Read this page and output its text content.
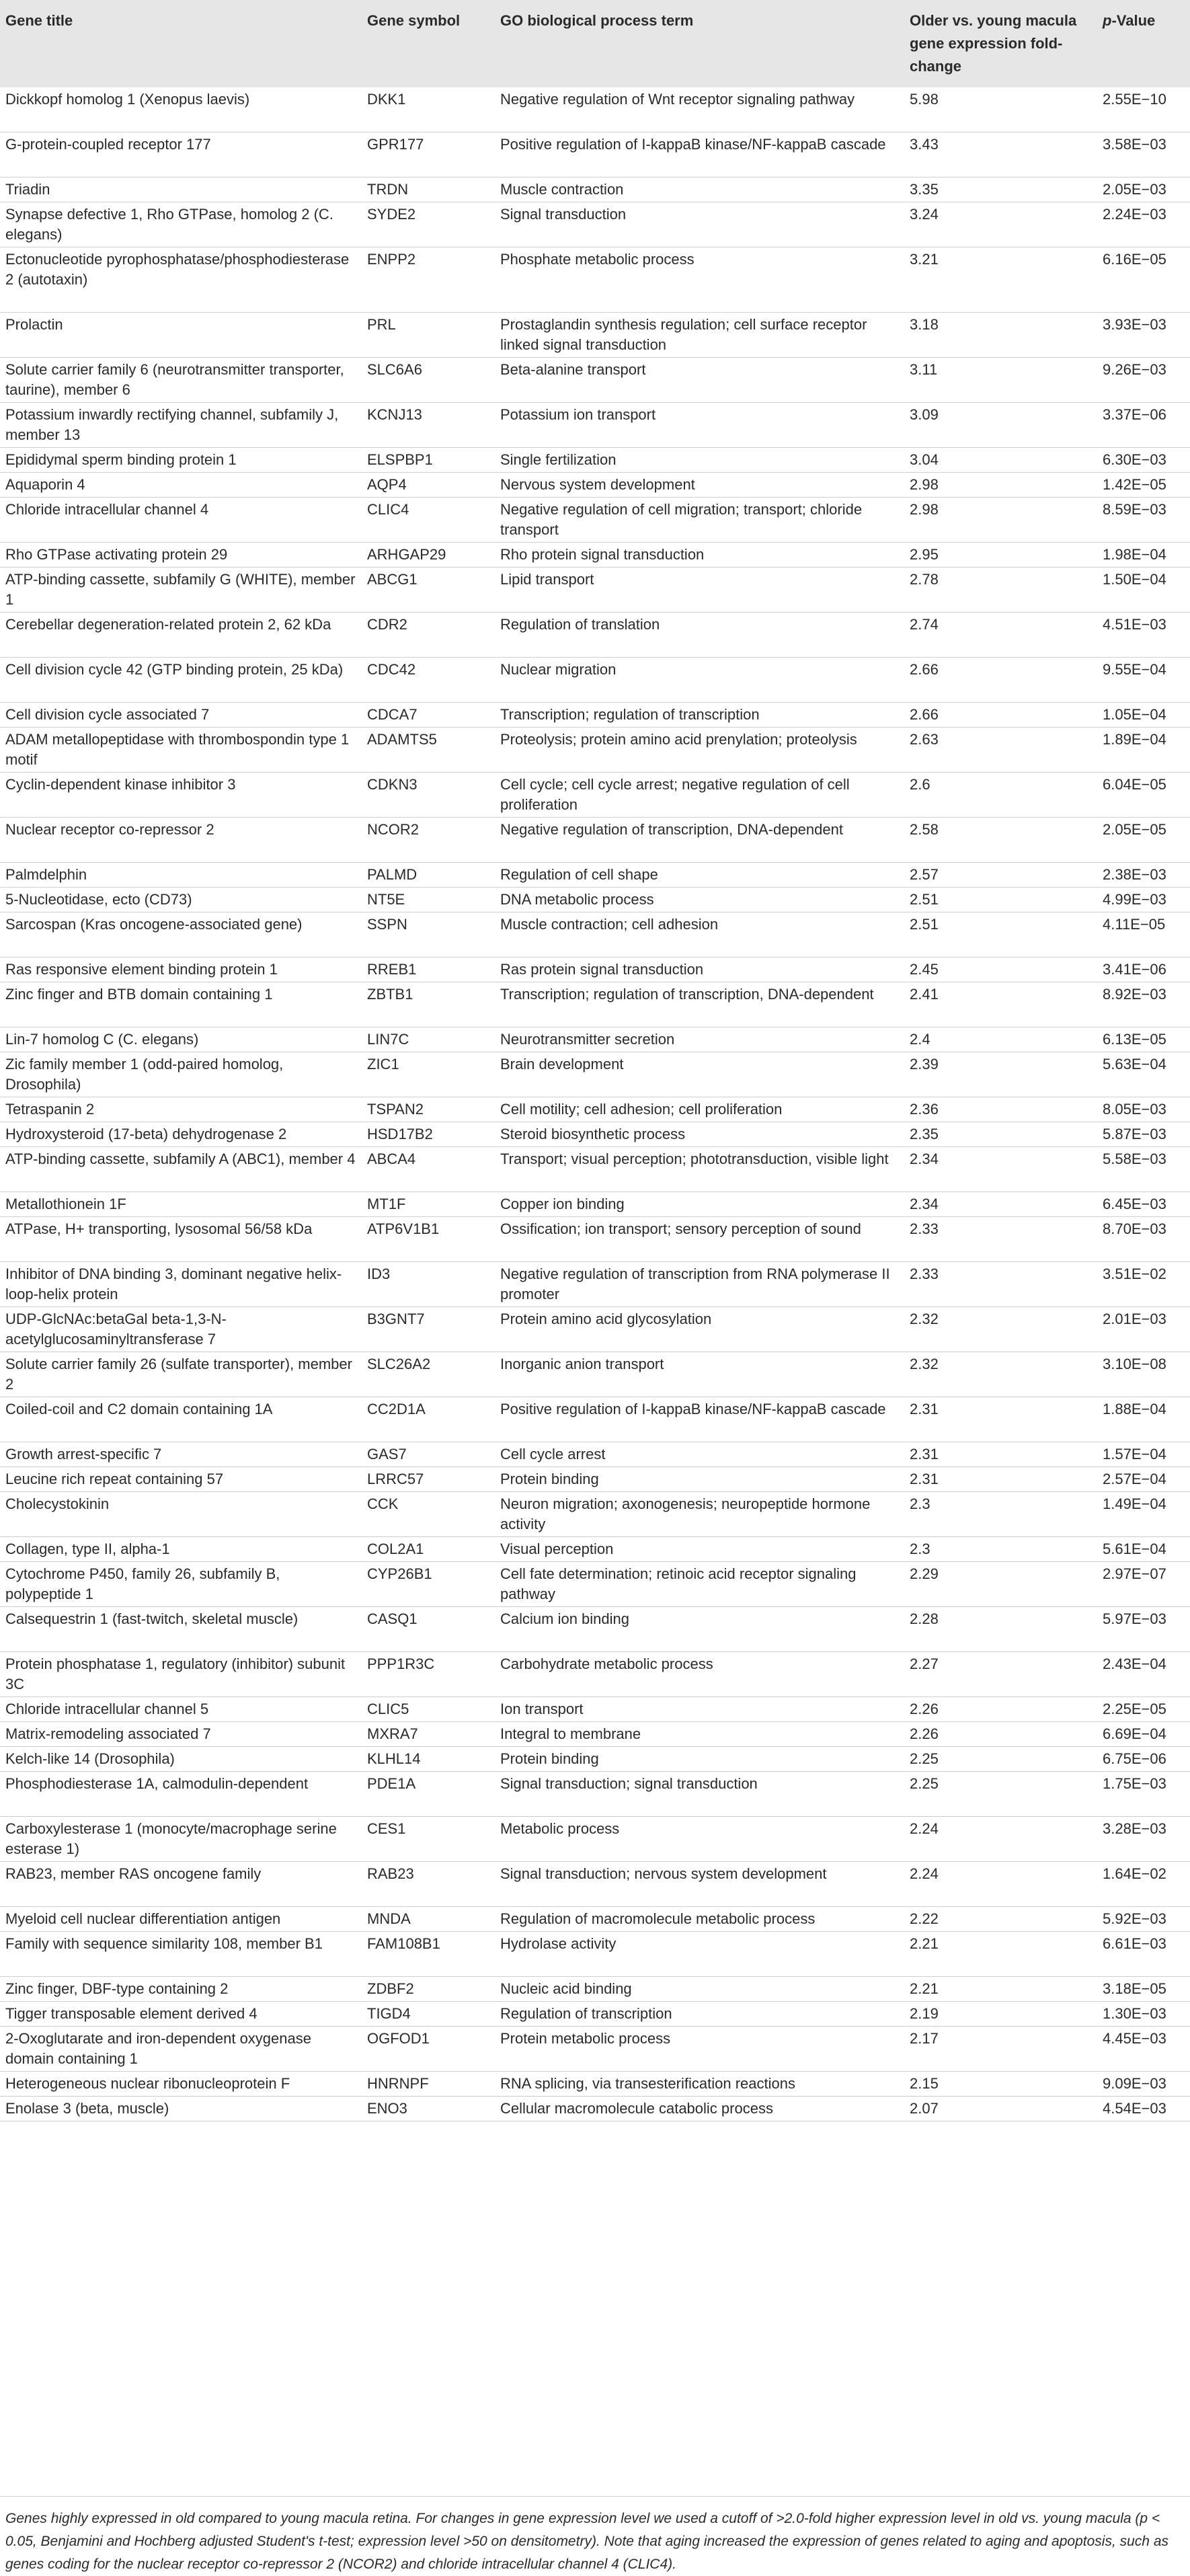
Gene title	Gene symbol	GO biological process term	Older vs. young macula gene expression fold-change	p-Value
Dickkopf homolog 1 (Xenopus laevis)	DKK1	Negative regulation of Wnt receptor signaling pathway	5.98	2.55E−10
G-protein-coupled receptor 177	GPR177	Positive regulation of I-kappaB kinase/NF-kappaB cascade	3.43	3.58E−03
Triadin	TRDN	Muscle contraction	3.35	2.05E−03
Synapse defective 1, Rho GTPase, homolog 2 (C. elegans)	SYDE2	Signal transduction	3.24	2.24E−03
Ectonucleotide pyrophosphatase/phosphodiesterase 2 (autotaxin)	ENPP2	Phosphate metabolic process	3.21	6.16E−05
Prolactin	PRL	Prostaglandin synthesis regulation; cell surface receptor linked signal transduction	3.18	3.93E−03
Solute carrier family 6 (neurotransmitter transporter, taurine), member 6	SLC6A6	Beta-alanine transport	3.11	9.26E−03
Potassium inwardly rectifying channel, subfamily J, member 13	KCNJ13	Potassium ion transport	3.09	3.37E−06
Epididymal sperm binding protein 1	ELSPBP1	Single fertilization	3.04	6.30E−03
Aquaporin 4	AQP4	Nervous system development	2.98	1.42E−05
Chloride intracellular channel 4	CLIC4	Negative regulation of cell migration; transport; chloride transport	2.98	8.59E−03
Rho GTPase activating protein 29	ARHGAP29	Rho protein signal transduction	2.95	1.98E−04
ATP-binding cassette, subfamily G (WHITE), member 1	ABCG1	Lipid transport	2.78	1.50E−04
Cerebellar degeneration-related protein 2, 62 kDa	CDR2	Regulation of translation	2.74	4.51E−03
Cell division cycle 42 (GTP binding protein, 25 kDa)	CDC42	Nuclear migration	2.66	9.55E−04
Cell division cycle associated 7	CDCA7	Transcription; regulation of transcription	2.66	1.05E−04
ADAM metallopeptidase with thrombospondin type 1 motif	ADAMTS5	Proteolysis; protein amino acid prenylation; proteolysis	2.63	1.89E−04
Cyclin-dependent kinase inhibitor 3	CDKN3	Cell cycle; cell cycle arrest; negative regulation of cell proliferation	2.6	6.04E−05
Nuclear receptor co-repressor 2	NCOR2	Negative regulation of transcription, DNA-dependent	2.58	2.05E−05
Palmdelphin	PALMD	Regulation of cell shape	2.57	2.38E−03
5-Nucleotidase, ecto (CD73)	NT5E	DNA metabolic process	2.51	4.99E−03
Sarcospan (Kras oncogene-associated gene)	SSPN	Muscle contraction; cell adhesion	2.51	4.11E−05
Ras responsive element binding protein 1	RREB1	Ras protein signal transduction	2.45	3.41E−06
Zinc finger and BTB domain containing 1	ZBTB1	Transcription; regulation of transcription, DNA-dependent	2.41	8.92E−03
Lin-7 homolog C (C. elegans)	LIN7C	Neurotransmitter secretion	2.4	6.13E−05
Zic family member 1 (odd-paired homolog, Drosophila)	ZIC1	Brain development	2.39	5.63E−04
Tetraspanin 2	TSPAN2	Cell motility; cell adhesion; cell proliferation	2.36	8.05E−03
Hydroxysteroid (17-beta) dehydrogenase 2	HSD17B2	Steroid biosynthetic process	2.35	5.87E−03
ATP-binding cassette, subfamily A (ABC1), member 4	ABCA4	Transport; visual perception; phototransduction, visible light	2.34	5.58E−03
Metallothionein 1F	MT1F	Copper ion binding	2.34	6.45E−03
ATPase, H+ transporting, lysosomal 56/58 kDa	ATP6V1B1	Ossification; ion transport; sensory perception of sound	2.33	8.70E−03
Inhibitor of DNA binding 3, dominant negative helix-loop-helix protein	ID3	Negative regulation of transcription from RNA polymerase II promoter	2.33	3.51E−02
UDP-GlcNAc:betaGal beta-1,3-N-acetylglucosaminyltransferase 7	B3GNT7	Protein amino acid glycosylation	2.32	2.01E−03
Solute carrier family 26 (sulfate transporter), member 2	SLC26A2	Inorganic anion transport	2.32	3.10E−08
Coiled-coil and C2 domain containing 1A	CC2D1A	Positive regulation of I-kappaB kinase/NF-kappaB cascade	2.31	1.88E−04
Growth arrest-specific 7	GAS7	Cell cycle arrest	2.31	1.57E−04
Leucine rich repeat containing 57	LRRC57	Protein binding	2.31	2.57E−04
Cholecystokinin	CCK	Neuron migration; axonogenesis; neuropeptide hormone activity	2.3	1.49E−04
Collagen, type II, alpha-1	COL2A1	Visual perception	2.3	5.61E−04
Cytochrome P450, family 26, subfamily B, polypeptide 1	CYP26B1	Cell fate determination; retinoic acid receptor signaling pathway	2.29	2.97E−07
Calsequestrin 1 (fast-twitch, skeletal muscle)	CASQ1	Calcium ion binding	2.28	5.97E−03
Protein phosphatase 1, regulatory (inhibitor) subunit 3C	PPP1R3C	Carbohydrate metabolic process	2.27	2.43E−04
Chloride intracellular channel 5	CLIC5	Ion transport	2.26	2.25E−05
Matrix-remodeling associated 7	MXRA7	Integral to membrane	2.26	6.69E−04
Kelch-like 14 (Drosophila)	KLHL14	Protein binding	2.25	6.75E−06
Phosphodiesterase 1A, calmodulin-dependent	PDE1A	Signal transduction; signal transduction	2.25	1.75E−03
Carboxylesterase 1 (monocyte/macrophage serine esterase 1)	CES1	Metabolic process	2.24	3.28E−03
RAB23, member RAS oncogene family	RAB23	Signal transduction; nervous system development	2.24	1.64E−02
Myeloid cell nuclear differentiation antigen	MNDA	Regulation of macromolecule metabolic process	2.22	5.92E−03
Family with sequence similarity 108, member B1	FAM108B1	Hydrolase activity	2.21	6.61E−03
Zinc finger, DBF-type containing 2	ZDBF2	Nucleic acid binding	2.21	3.18E−05
Tigger transposable element derived 4	TIGD4	Regulation of transcription	2.19	1.30E−03
2-Oxoglutarate and iron-dependent oxygenase domain containing 1	OGFOD1	Protein metabolic process	2.17	4.45E−03
Heterogeneous nuclear ribonucleoprotein F	HNRNPF	RNA splicing, via transesterification reactions	2.15	9.09E−03
Enolase 3 (beta, muscle)	ENO3	Cellular macromolecule catabolic process	2.07	4.54E−03
Genes highly expressed in old compared to young macula retina. For changes in gene expression level we used a cutoff of >2.0-fold higher expression level in old vs. young macula (p < 0.05, Benjamini and Hochberg adjusted Student's t-test; expression level >50 on densitometry). Note that aging increased the expression of genes related to aging and apoptosis, such as genes coding for the nuclear receptor co-repressor 2 (NCOR2) and chloride intracellular channel 4 (CLIC4).
